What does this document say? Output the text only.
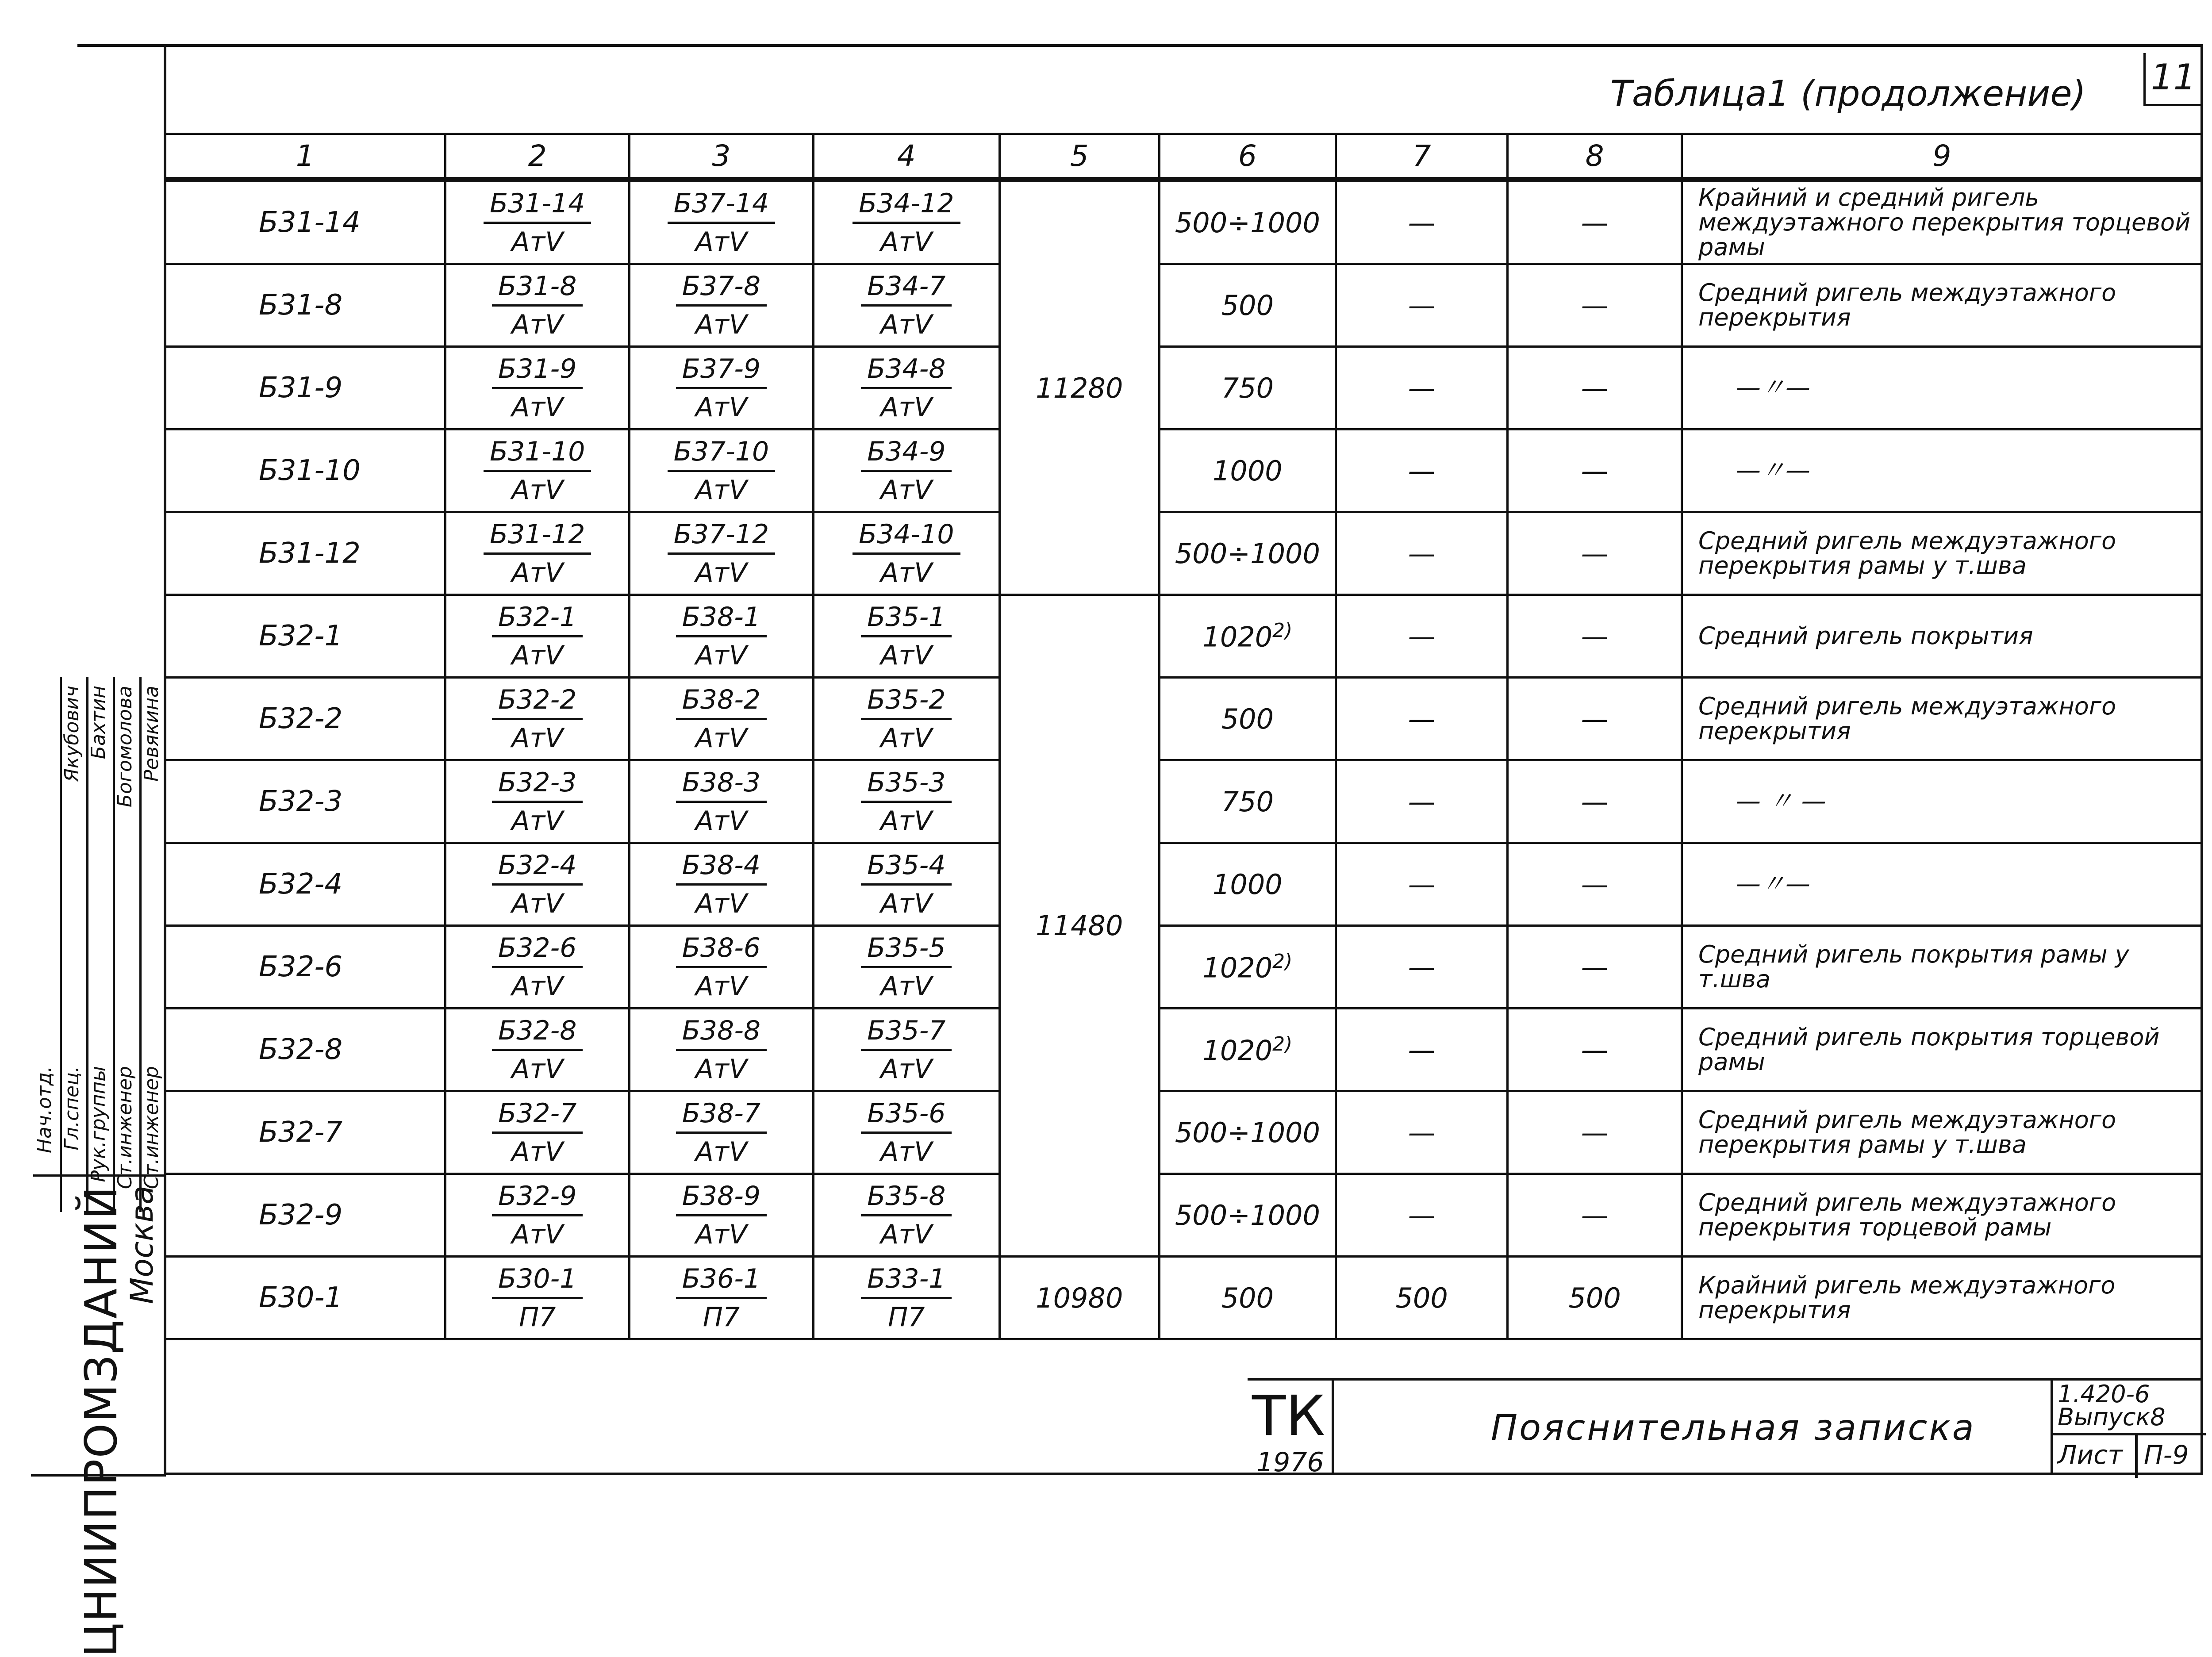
Таблица1 (продолжение) 11
1	2	3	4	5	6	7	8	9
Б31-14	$\frac{Б31-14}{\text{АтV}}$	$\frac{Б37-14}{\text{АтV}}$	$\frac{Б34-12}{\text{АтV}}$	11280	500÷1000	—	—	Крайний и средний ригель междуэтажного перекрытия торцевой рамы
Б31-8	$\frac{Б31-8}{\text{АтV}}$	$\frac{Б37-8}{\text{АтV}}$	$\frac{Б34-7}{\text{АтV}}$		500	—	—	Средний ригель междуэтажного перекрытия
Б31-9	$\frac{Б31-9}{\text{АтV}}$	$\frac{Б37-9}{\text{АтV}}$	$\frac{Б34-8}{\text{АтV}}$		750	—	—	—〃—
Б31-10	$\frac{Б31-10}{\text{АтV}}$	$\frac{Б37-10}{\text{АтV}}$	$\frac{Б34-9}{\text{АтV}}$		1000	—	—	—〃—
Б31-12	$\frac{Б31-12}{\text{АтV}}$	$\frac{Б37-12}{\text{АтV}}$	$\frac{Б34-10}{\text{АтV}}$		500÷1000	—	—	Средний ригель междуэтажного перекрытия рамы у т.шва
Б32-1	$\frac{Б32-1}{\text{АтV}}$	$\frac{Б38-1}{\text{АтV}}$	$\frac{Б35-1}{\text{АтV}}$	11480	1020$^{2)}$	—	—	Средний ригель покрытия
Б32-2	$\frac{Б32-2}{\text{АтV}}$	$\frac{Б38-2}{\text{АтV}}$	$\frac{Б35-2}{\text{АтV}}$		500	—	—	Средний ригель междуэтажного перекрытия
Б32-3	$\frac{Б32-3}{\text{АтV}}$	$\frac{Б38-3}{\text{АтV}}$	$\frac{Б35-3}{\text{АтV}}$		750	—	—	— 〃 —
Б32-4	$\frac{Б32-4}{\text{АтV}}$	$\frac{Б38-4}{\text{АтV}}$	$\frac{Б35-4}{\text{АтV}}$		1000	—	—	—〃—
Б32-6	$\frac{Б32-6}{\text{АтV}}$	$\frac{Б38-6}{\text{АтV}}$	$\frac{Б35-5}{\text{АтV}}$		1020$^{2)}$	—	—	Средний ригель покрытия рамы у т.шва
Б32-8	$\frac{Б32-8}{\text{АтV}}$	$\frac{Б38-8}{\text{АтV}}$	$\frac{Б35-7}{\text{АтV}}$		1020$^{2)}$	—	—	Средний ригель покрытия торцевой рамы
Б32-7	$\frac{Б32-7}{\text{АтV}}$	$\frac{Б38-7}{\text{АтV}}$	$\frac{Б35-6}{\text{АтV}}$		500÷1000	—	—	Средний ригель междуэтажного перекрытия рамы у т.шва
Б32-9	$\frac{Б32-9}{\text{АтV}}$	$\frac{Б38-9}{\text{АтV}}$	$\frac{Б35-8}{\text{АтV}}$		500÷1000	—	—	Средний ригель междуэтажного перекрытия торцевой рамы
Б30-1	$\frac{Б30-1}{П7}$	$\frac{Б36-1}{П7}$	$\frac{Б33-1}{П7}$	10980	500	500	500	Крайний ригель междуэтажного перекрытия
ТК
1976
Пояснительная записка
1.420-6
Выпуск8
Лист П-9
Нач.отд. Гл.спец. Рук.группы Ст.инженер Ст.инженер
Якубович Бахтин Богомолова Ревякина
ЦНИИПРОМЗДАНИЙ
Москва
